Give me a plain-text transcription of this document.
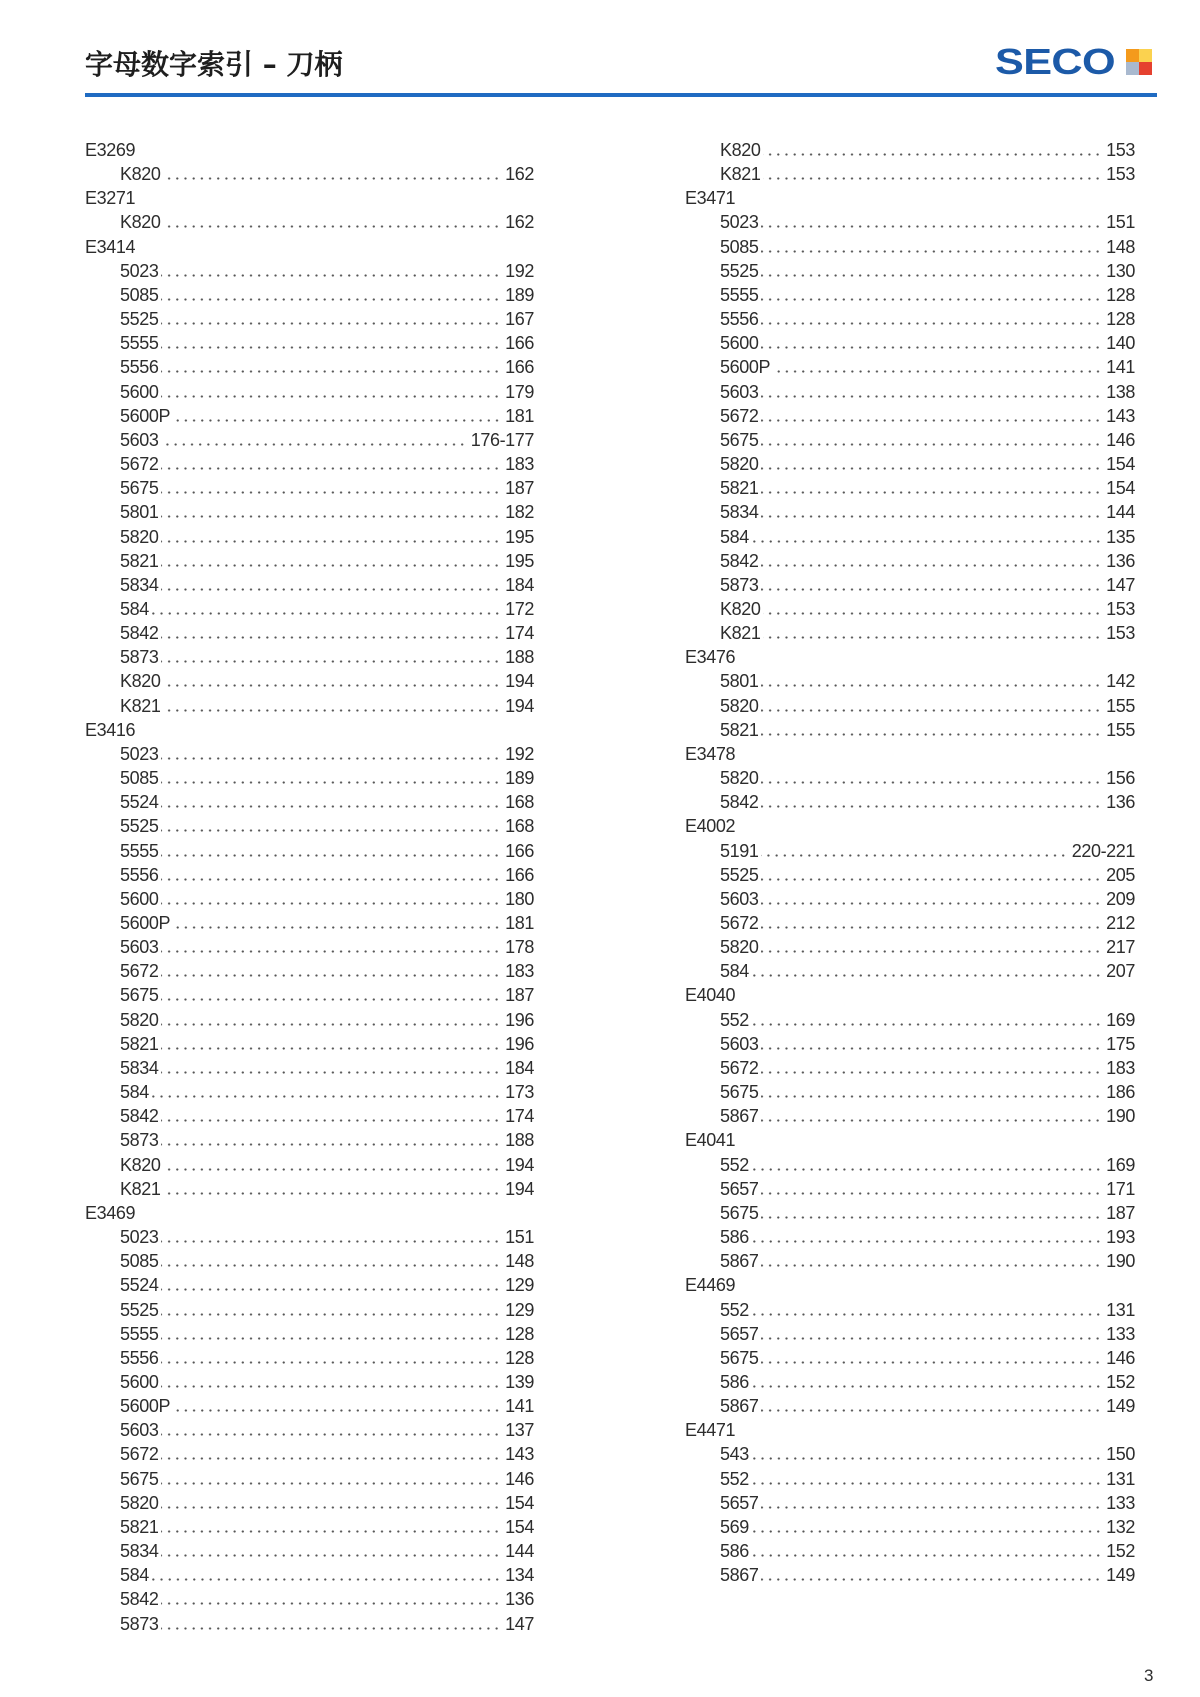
字母数字索引 – 刀柄	SECO
E3269
K820	162
E3271
K820	162
E3414
5023	192
5085	189
5525	167
5555	166
5556	166
5600	179
5600P	181
5603	176-177
5672	183
5675	187
5801	182
5820	195
5821	195
5834	184
584	172
5842	174
5873	188
K820	194
K821	194
E3416
5023	192
5085	189
5524	168
5525	168
5555	166
5556	166
5600	180
5600P	181
5603	178
5672	183
5675	187
5820	196
5821	196
5834	184
584	173
5842	174
5873	188
K820	194
K821	194
E3469
5023	151
5085	148
5524	129
5525	129
5555	128
5556	128
5600	139
5600P	141
5603	137
5672	143
5675	146
5820	154
5821	154
5834	144
584	134
5842	136
5873	147
K820	153
K821	153
E3471
5023	151
5085	148
5525	130
5555	128
5556	128
5600	140
5600P	141
5603	138
5672	143
5675	146
5820	154
5821	154
5834	144
584	135
5842	136
5873	147
K820	153
K821	153
E3476
5801	142
5820	155
5821	155
E3478
5820	156
5842	136
E4002
5191	220-221
5525	205
5603	209
5672	212
5820	217
584	207
E4040
552	169
5603	175
5672	183
5675	186
5867	190
E4041
552	169
5657	171
5675	187
586	193
5867	190
E4469
552	131
5657	133
5675	146
586	152
5867	149
E4471
543	150
552	131
5657	133
569	132
586	152
5867	149
3
